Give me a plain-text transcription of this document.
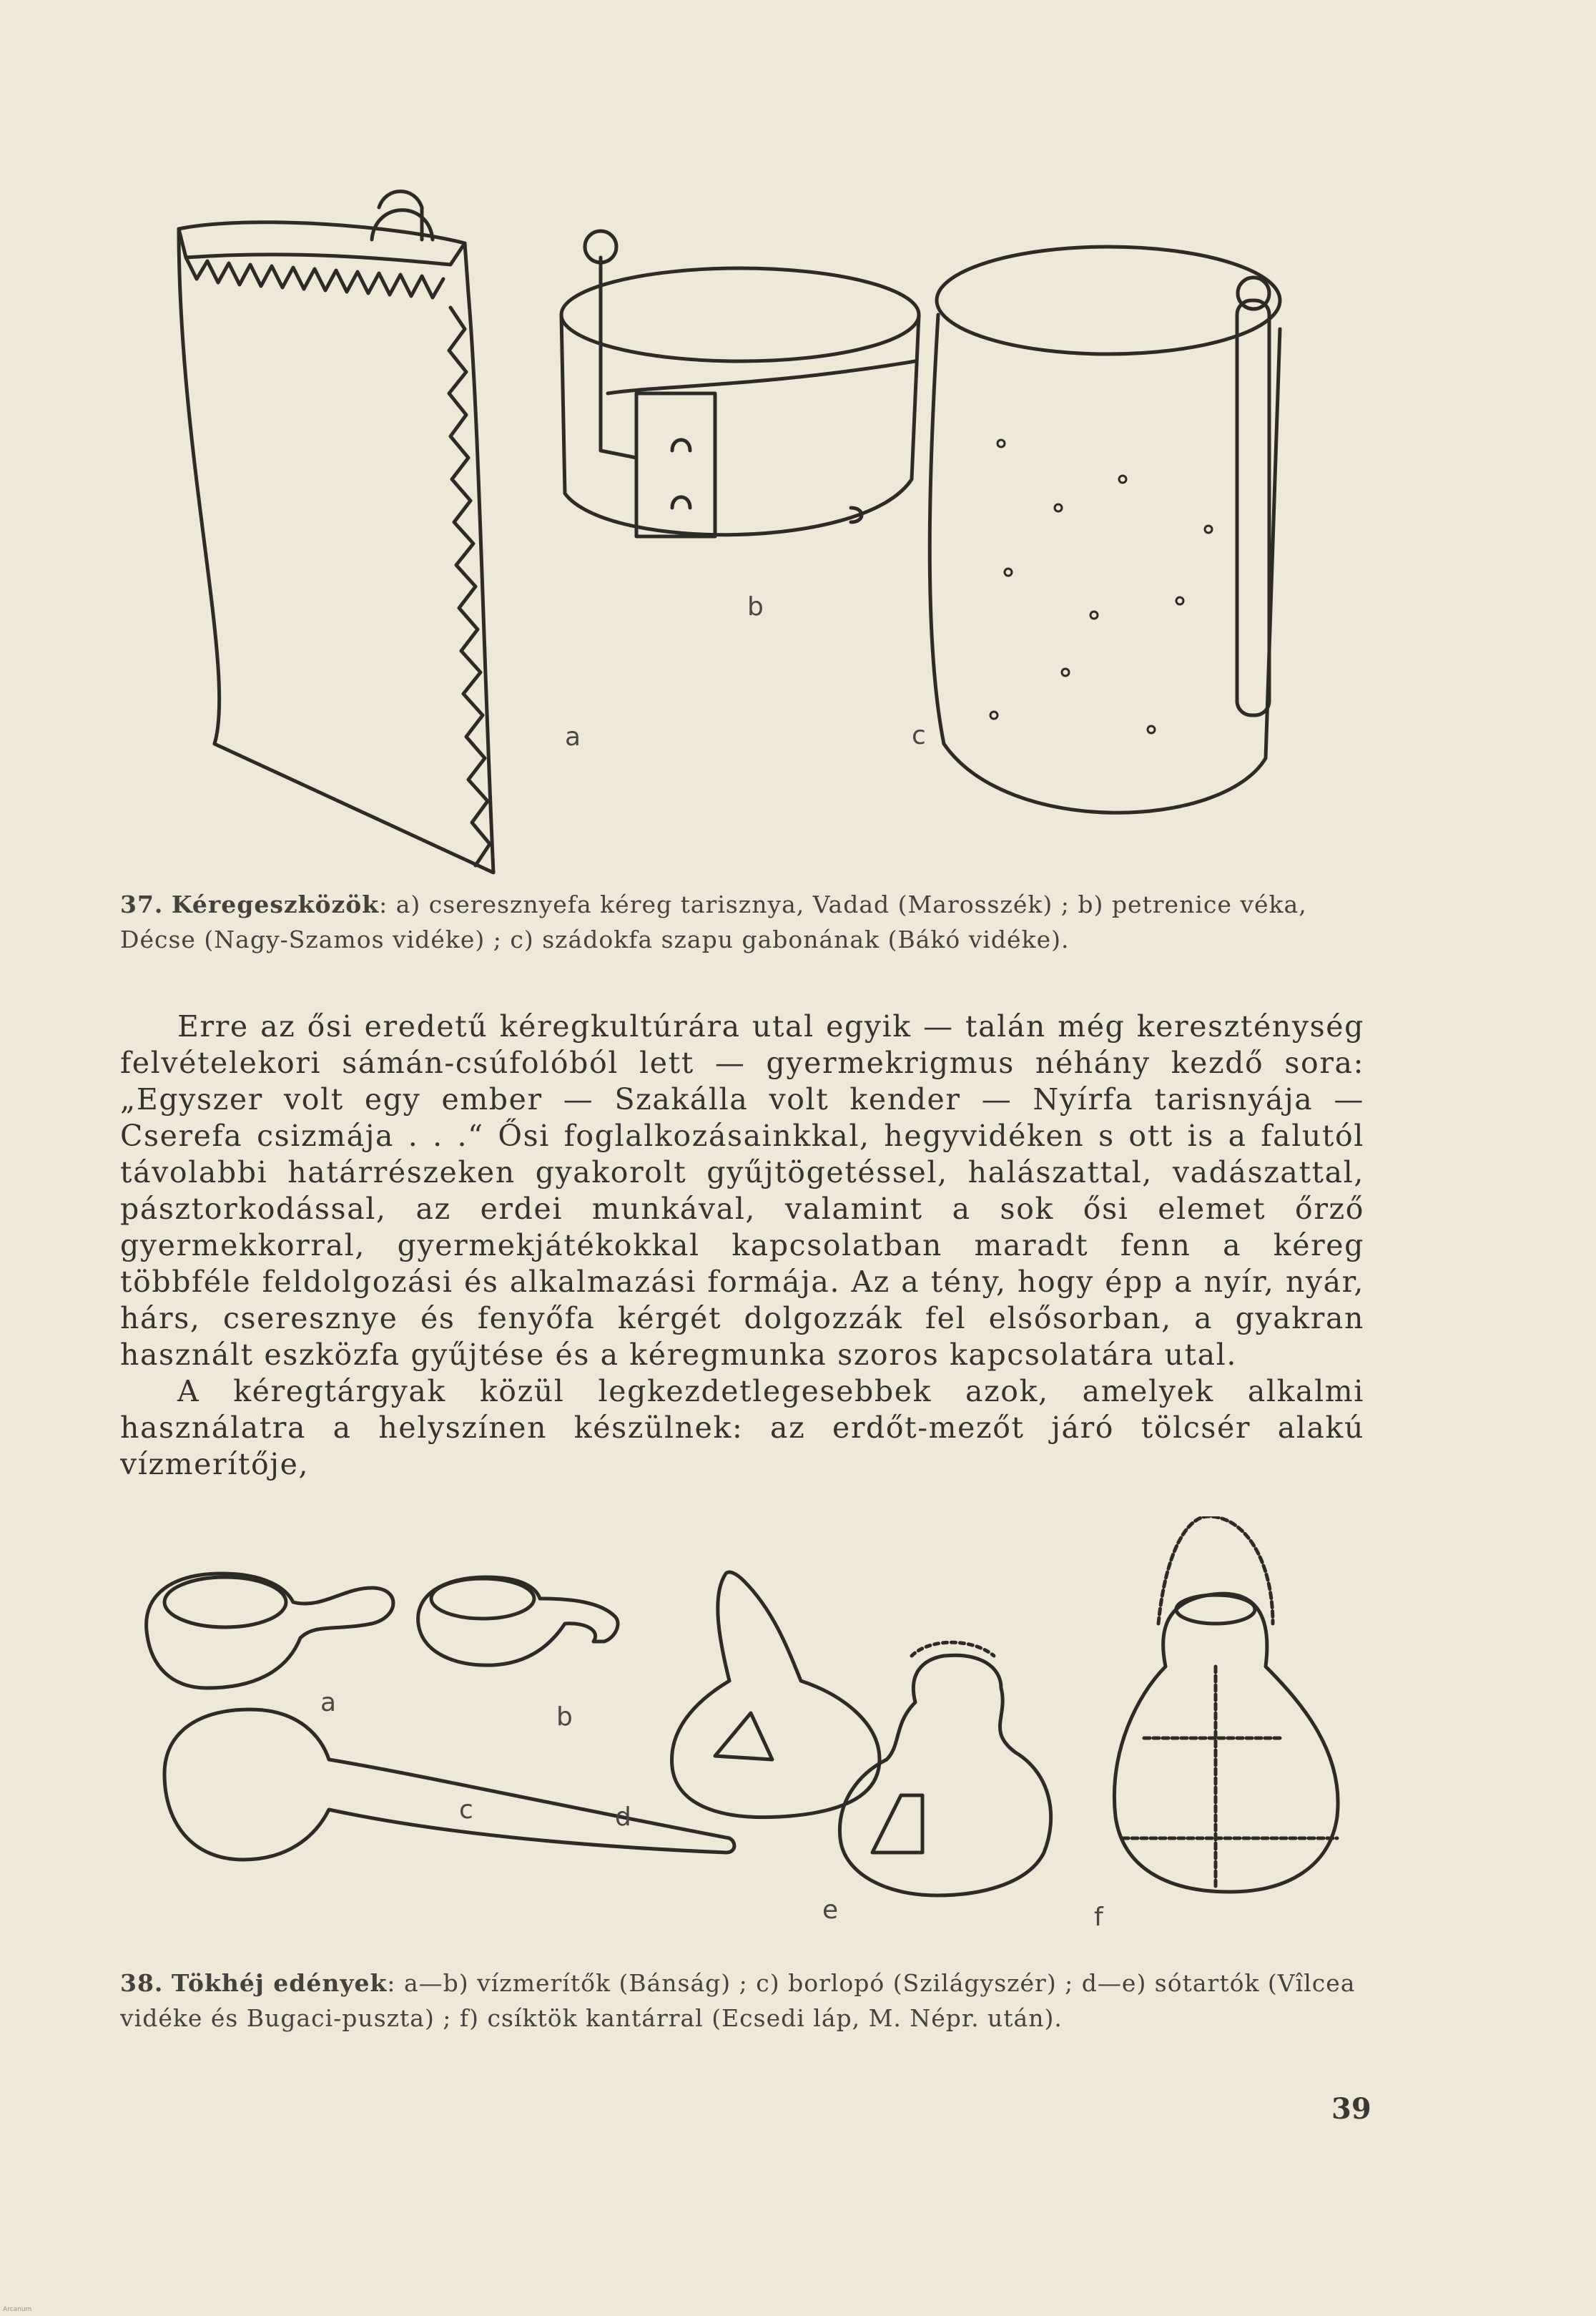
a
b
c
37. Kéregeszközök: a) cseresznyefa kéreg tarisznya, Vadad (Marosszék) ; b) petrenice véka, Décse (Nagy-Szamos vidéke) ; c) szádokfa szapu gabonának (Bákó vidéke).

Erre az ősi eredetű kéregkultúrára utal egyik — talán még kereszténység felvételekori sámán-csúfolóból lett — gyermekrigmus néhány kezdő sora: „Egyszer volt egy ember — Szakálla volt kender — Nyírfa tarisnyája — Cserefa csizmája . . .“ Ősi foglalkozásainkkal, hegyvidéken s ott is a falutól távolabbi határrészeken gyakorolt gyűjtögetéssel, halászattal, vadászattal, pásztorkodással, az erdei munkával, valamint a sok ősi elemet őrző gyermekkorral, gyermekjátékokkal kapcsolatban maradt fenn a kéreg többféle feldolgozási és alkalmazási formája. Az a tény, hogy épp a nyír, nyár, hárs, cseresznye és fenyőfa kérgét dolgozzák fel elsősorban, a gyakran használt eszközfa gyűjtése és a kéregmunka szoros kapcsolatára utal.

A kéregtárgyak közül legkezdetlegesebbek azok, amelyek alkalmi használatra a helyszínen készülnek: az erdőt-mezőt járó tölcsér alakú vízmerítője,

a	b
c	d
e	f
38. Tökhéj edények: a—b) vízmerítők (Bánság) ; c) borlopó (Szilágyszér) ; d—e) sótartók (Vîlcea vidéke és Bugaci-puszta) ; f) csíktök kantárral (Ecsedi láp, M. Népr. után).
39
Arcanum
